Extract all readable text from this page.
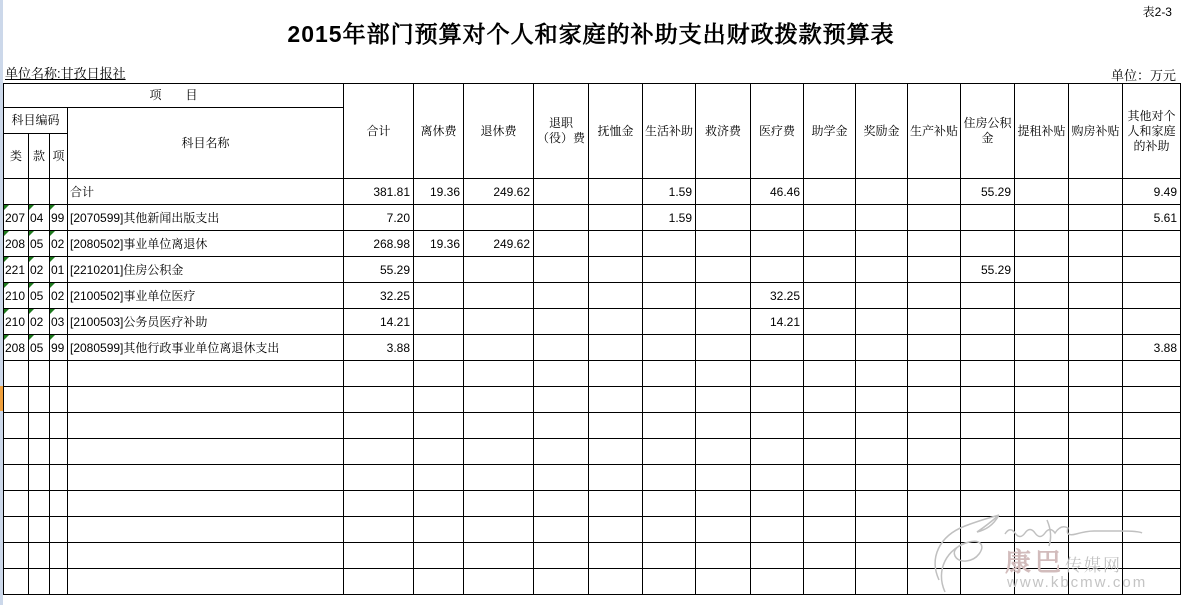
表2-3
2015年部门预算对个人和家庭的补助支出财政拨款预算表
单位名称:甘孜日报社	单位：万元
项　　目				合计	离休费	退休费	退职（役）费	抚恤金	生活补助	救济费	医疗费	助学金	奖励金	生产补贴	住房公积金	提租补贴	购房补贴	其他对个人和家庭的补助
科目编码			科目名称															
类	款	项																
			合计	381.81	19.36	249.62			1.59		46.46				55.29			9.49

207	04	99	[2070599]其他新闻出版支出	7.20					1.59									5.61

208	05	02	[2080502]事业单位离退休	268.98	19.36	249.62												

221	02	01	[2210201]住房公积金	55.29											55.29			

210	05	02	[2100502]事业单位医疗	32.25							32.25							

210	02	03	[2100503]公务员医疗补助	14.21							14.21							

208	05	99	[2080599]其他行政事业单位离退休支出	3.88														3.88

康巴传媒网
www.kbcmw.com
